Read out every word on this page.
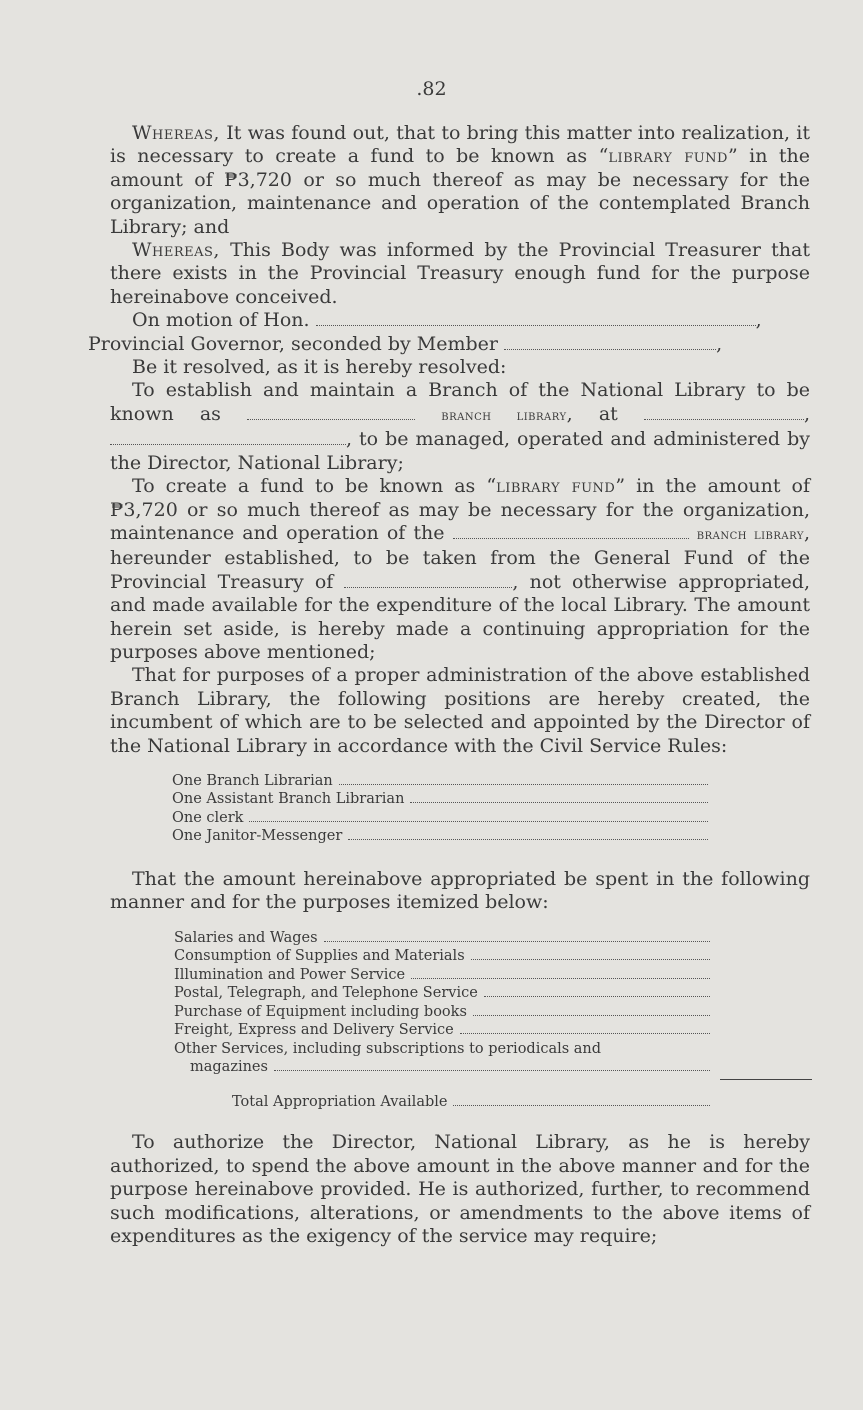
.82

Whereas, It was found out, that to bring this matter into realization, it is necessary to create a fund to be known as “library fund” in the amount of ₱3,720 or so much thereof as may be necessary for the organization, maintenance and operation of the contemplated Branch Library; and

Whereas, This Body was informed by the Provincial Treasurer that there exists in the Provincial Treasury enough fund for the purpose hereinabove conceived.

On motion of Hon.	,
Provincial Governor, seconded by Member	,

Be it resolved, as it is hereby resolved:

To establish and maintain a Branch of the National Library to be known as	branch library, at	, , to be managed, operated and administered by the Director, National Library;

To create a fund to be known as “library fund” in the amount of ₱3,720 or so much thereof as may be necessary for the organization, maintenance and operation of the	branch library, hereunder established, to be taken from the General Fund of the Provincial Treasury of	, not otherwise appropriated, and made available for the expenditure of the local Library. The amount herein set aside, is hereby made a continuing appropriation for the purposes above mentioned;

That for purposes of a proper administration of the above established Branch Library, the following positions are hereby created, the incumbent of which are to be selected and appointed by the Director of the National Library in accordance with the Civil Service Rules:

One Branch Librarian
One Assistant Branch Librarian
One clerk
One Janitor-Messenger

That the amount hereinabove appropriated be spent in the following manner and for the purposes itemized below:

Salaries and Wages
Consumption of Supplies and Materials
Illumination and Power Service
Postal, Telegraph, and Telephone Service
Purchase of Equipment including books
Freight, Express and Delivery Service
Other Services, including subscriptions to periodicals and
magazines
Total Appropriation Available

To authorize the Director, National Library, as he is hereby authorized, to spend the above amount in the above manner and for the purpose hereinabove provided. He is authorized, further, to recommend such modifications, alterations, or amendments to the above items of expenditures as the exigency of the service may require;
